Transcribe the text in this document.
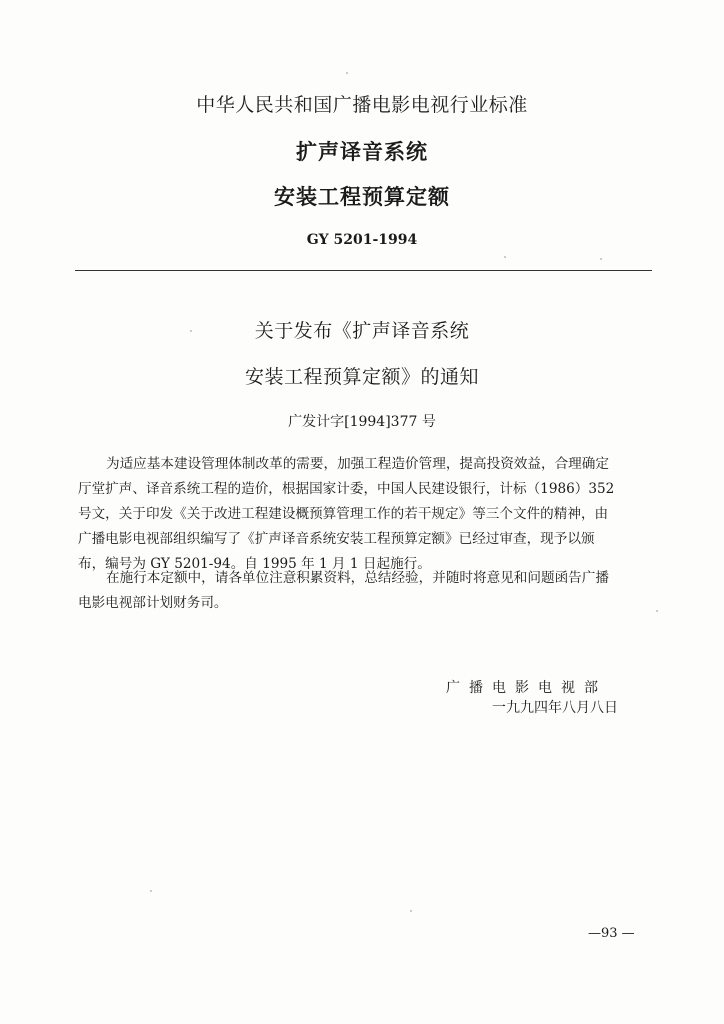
中华人民共和国广播电影电视行业标准
扩声译音系统
安装工程预算定额
GY 5201-1994
关于发布《扩声译音系统
安装工程预算定额》的通知
广发计字[1994]377 号
为适应基本建设管理体制改革的需要，加强工程造价管理，提高投资效益，合理确定
厅堂扩声、译音系统工程的造价，根据国家计委，中国人民建设银行，计标（1986）352
号文，关于印发《关于改进工程建设概预算管理工作的若干规定》等三个文件的精神，由
广播电影电视部组织编写了《扩声译音系统安装工程预算定额》已经过审查，现予以颁
布，编号为 GY 5201-94。自 1995 年 1 月 1 日起施行。
在施行本定额中，请各单位注意积累资料，总结经验，并随时将意见和问题函告广播
电影电视部计划财务司。
广播电影电视部
一九九四年八月八日
—93 —
